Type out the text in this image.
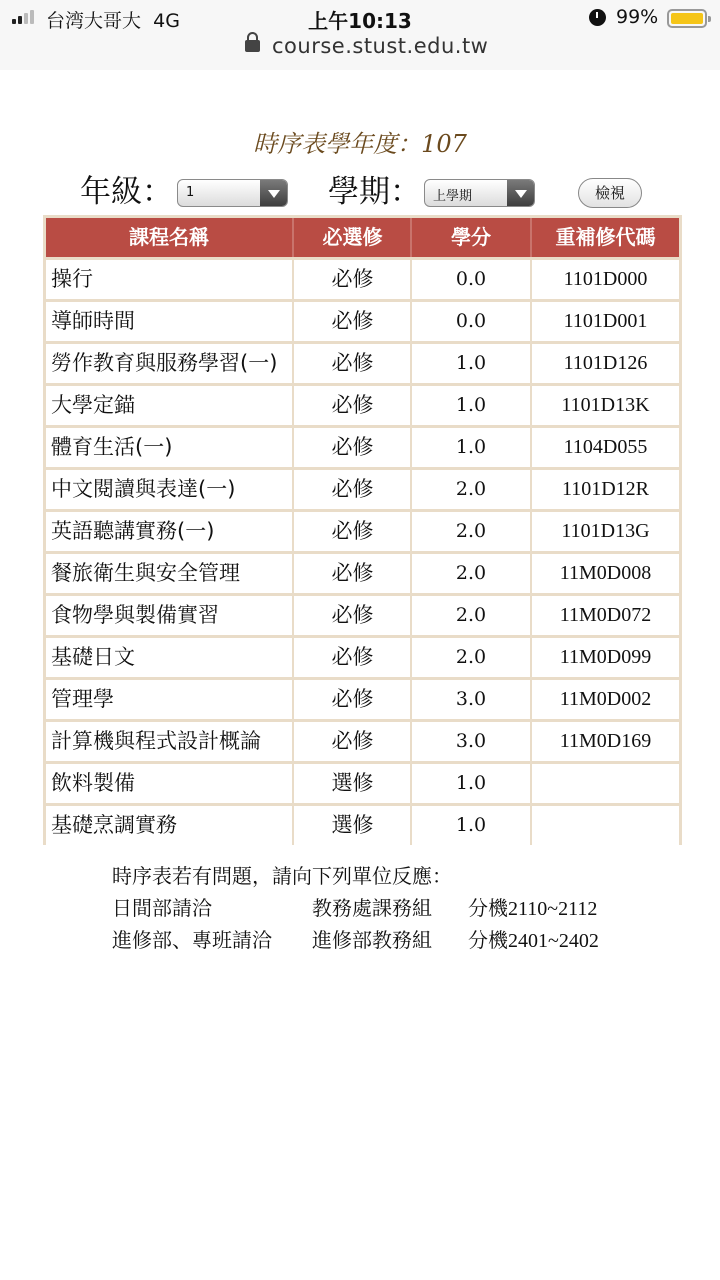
台湾大哥大 4G	上午10:13	99%
course.stust.edu.tw
時序表學年度：107
年級： 1	學期： 上學期	檢視
課程名稱	必選修	學分	重補修代碼
操行	必修	0.0	1101D000
導師時間	必修	0.0	1101D001
勞作教育與服務學習(一)	必修	1.0	1101D126
大學定錨	必修	1.0	1101D13K
體育生活(一)	必修	1.0	1104D055
中文閱讀與表達(一)	必修	2.0	1101D12R
英語聽講實務(一)	必修	2.0	1101D13G
餐旅衛生與安全管理	必修	2.0	11M0D008
食物學與製備實習	必修	2.0	11M0D072
基礎日文	必修	2.0	11M0D099
管理學	必修	3.0	11M0D002
計算機與程式設計概論	必修	3.0	11M0D169
飲料製備	選修	1.0
基礎烹調實務	選修	1.0
時序表若有問題，請向下列單位反應：
日間部請洽	教務處課務組 分機2110~2112
進修部、專班請洽 進修部教務組 分機2401~2402
